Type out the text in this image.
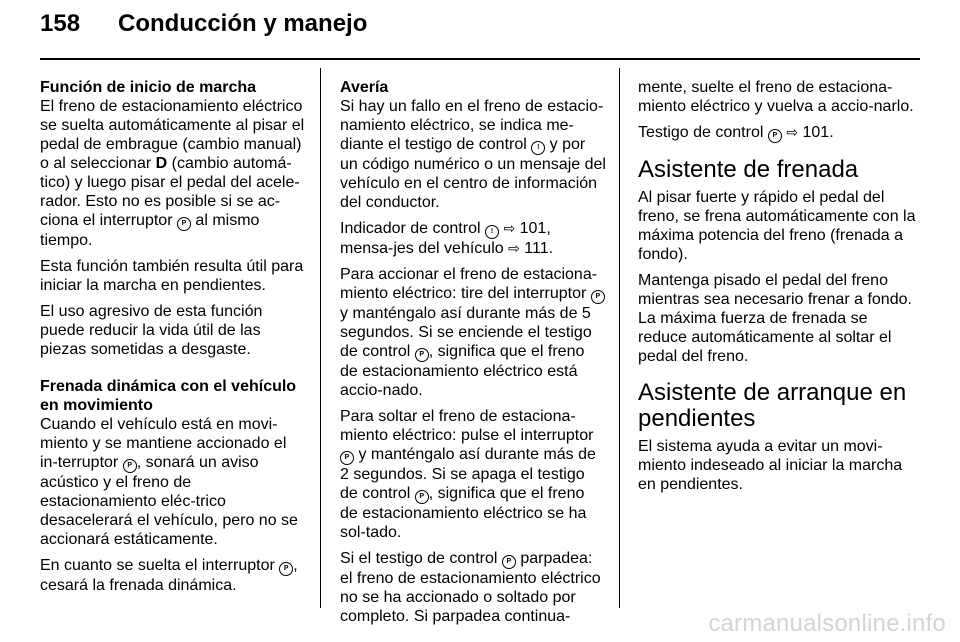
158 Conducción y manejo

Función de inicio de marcha

El freno de estacionamiento eléctrico se suelta automáticamente al pisar el pedal de embrague (cambio manual) o al seleccionar D (cambio automá-tico) y luego pisar el pedal del acele-rador. Esto no es posible si se ac-ciona el interruptor P al mismo tiempo.

Esta función también resulta útil para iniciar la marcha en pendientes.

El uso agresivo de esta función puede reducir la vida útil de las piezas sometidas a desgaste.

Frenada dinámica con el vehículo en movimiento

Cuando el vehículo está en movi-miento y se mantiene accionado el in-terruptor P , sonará un aviso acústico y el freno de estacionamiento eléc-trico desacelerará el vehículo, pero no se accionará estáticamente.

En cuanto se suelta el interruptor P , cesará la frenada dinámica.

Avería

Si hay un fallo en el freno de estacio-namiento eléctrico, se indica me-diante el testigo de control ! y por un código numérico o un mensaje del vehículo en el centro de información del conductor.

Indicador de control ! ⇨ 101, mensa-jes del vehículo ⇨ 111.

Para accionar el freno de estaciona-miento eléctrico: tire del interruptor P y manténgalo así durante más de 5 segundos. Si se enciende el testigo de control P , significa que el freno de estacionamiento eléctrico está accio-nado.

Para soltar el freno de estaciona-miento eléctrico: pulse el interruptor P y manténgalo así durante más de 2 segundos. Si se apaga el testigo de control P , significa que el freno de estacionamiento eléctrico se ha sol-tado.

Si el testigo de control P parpadea: el freno de estacionamiento eléctrico no se ha accionado o soltado por completo. Si parpadea continua-

mente, suelte el freno de estaciona-miento eléctrico y vuelva a accio-narlo.

Testigo de control P ⇨ 101.

Asistente de frenada

Al pisar fuerte y rápido el pedal del freno, se frena automáticamente con la máxima potencia del freno (frenada a fondo).

Mantenga pisado el pedal del freno mientras sea necesario frenar a fondo. La máxima fuerza de frenada se reduce automáticamente al soltar el pedal del freno.

Asistente de arranque en pendientes

El sistema ayuda a evitar un movi-miento indeseado al iniciar la marcha en pendientes.

carmanualsonline.info
